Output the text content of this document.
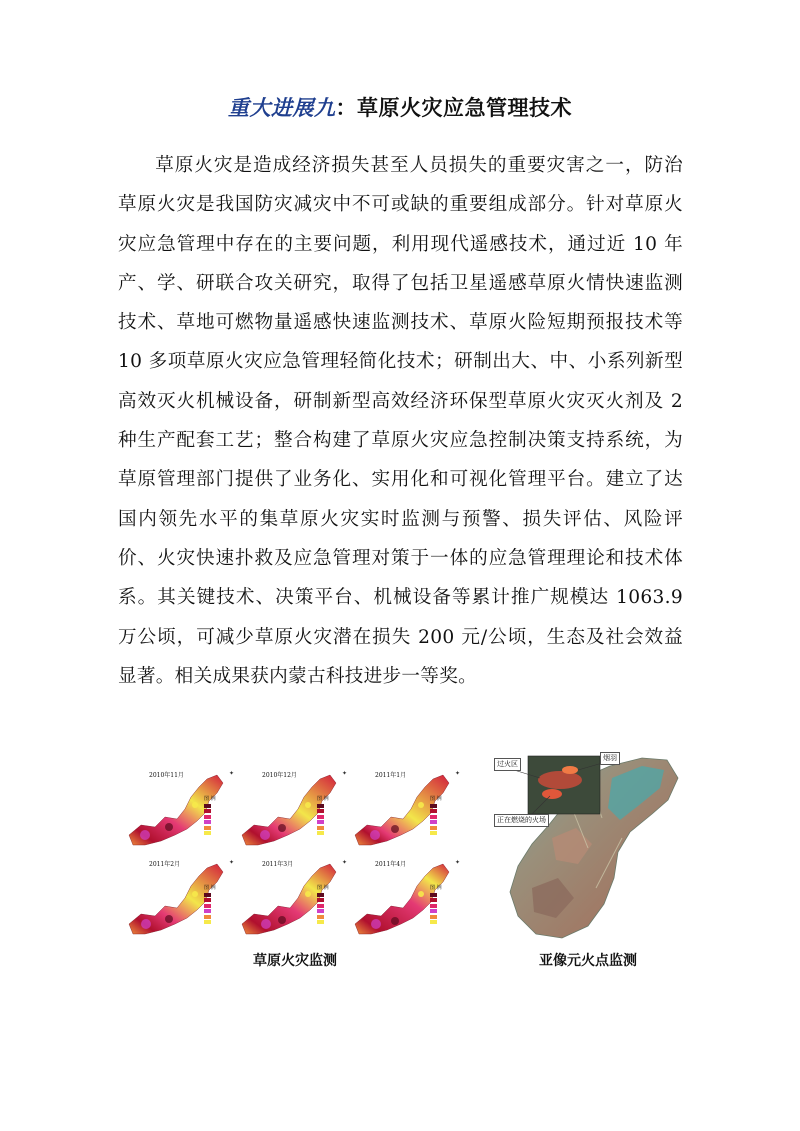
重大进展九：草原火灾应急管理技术

草原火灾是造成经济损失甚至人员损失的重要灾害之一，防治草原火灾是我国防灾减灾中不可或缺的重要组成部分。针对草原火灾应急管理中存在的主要问题，利用现代遥感技术，通过近 10 年产、学、研联合攻关研究，取得了包括卫星遥感草原火情快速监测技术、草地可燃物量遥感快速监测技术、草原火险短期预报技术等 10 多项草原火灾应急管理轻简化技术；研制出大、中、小系列新型高效灭火机械设备，研制新型高效经济环保型草原火灾灭火剂及 2 种生产配套工艺；整合构建了草原火灾应急控制决策支持系统，为草原管理部门提供了业务化、实用化和可视化管理平台。建立了达国内领先水平的集草原火灾实时监测与预警、损失评估、风险评价、火灾快速扑救及应急管理对策于一体的应急管理理论和技术体系。其关键技术、决策平台、机械设备等累计推广规模达 1063.9 万公顷，可减少草原火灾潜在损失 200 元/公顷，生态及社会效益显著。相关成果获内蒙古科技进步一等奖。

✦
2010年11月
图 例
✦
2010年12月
图 例
✦
2011年1月
图 例
✦
2011年2月
图 例
✦
2011年3月
图 例
✦
2011年4月
图 例
草原火灾监测
过火区
烟羽
正在燃烧的火场
亚像元火点监测
